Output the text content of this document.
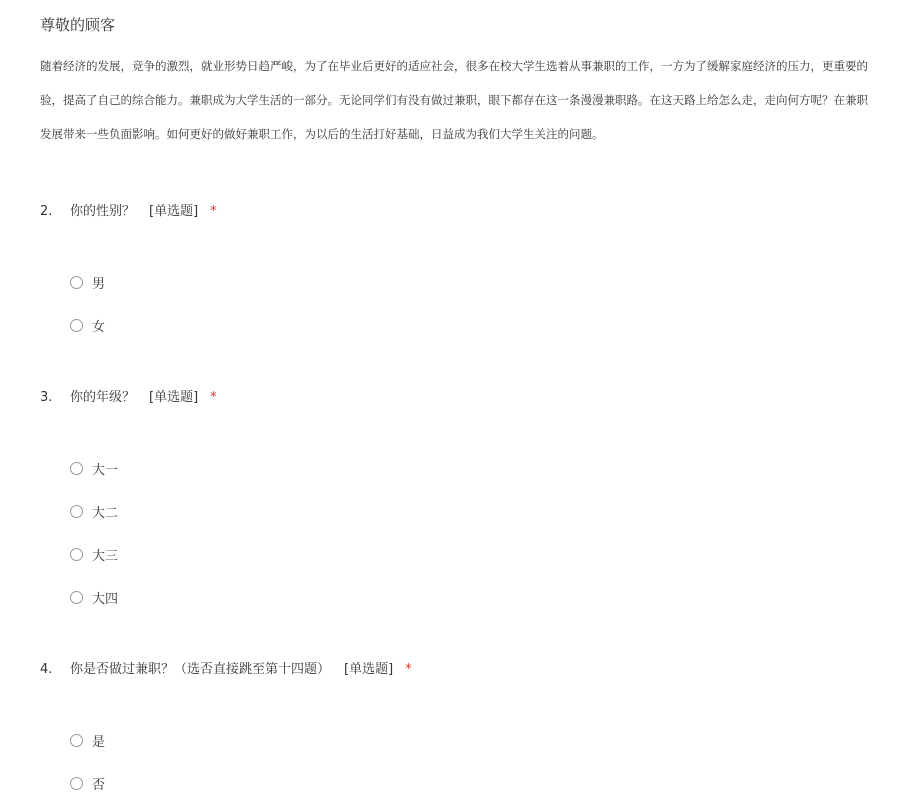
尊敬的顾客
随着经济的发展，竞争的激烈，就业形势日趋严峻，为了在毕业后更好的适应社会，很多在校大学生选着从事兼职的工作，一方为了缓解家庭经济的压力，更重要的
验，提高了自己的综合能力。兼职成为大学生活的一部分。无论同学们有没有做过兼职，眼下都存在这一条漫漫兼职路。在这天路上给怎么走，走向何方呢？在兼职
发展带来一些负面影响。如何更好的做好兼职工作，为以后的生活打好基础，日益成为我们大学生关注的问题。
2. 你的性别？ [单选题] *
男
女
3. 你的年级？ [单选题] *
大一
大二
大三
大四
4. 你是否做过兼职？（选否直接跳至第十四题） [单选题] *
是
否
